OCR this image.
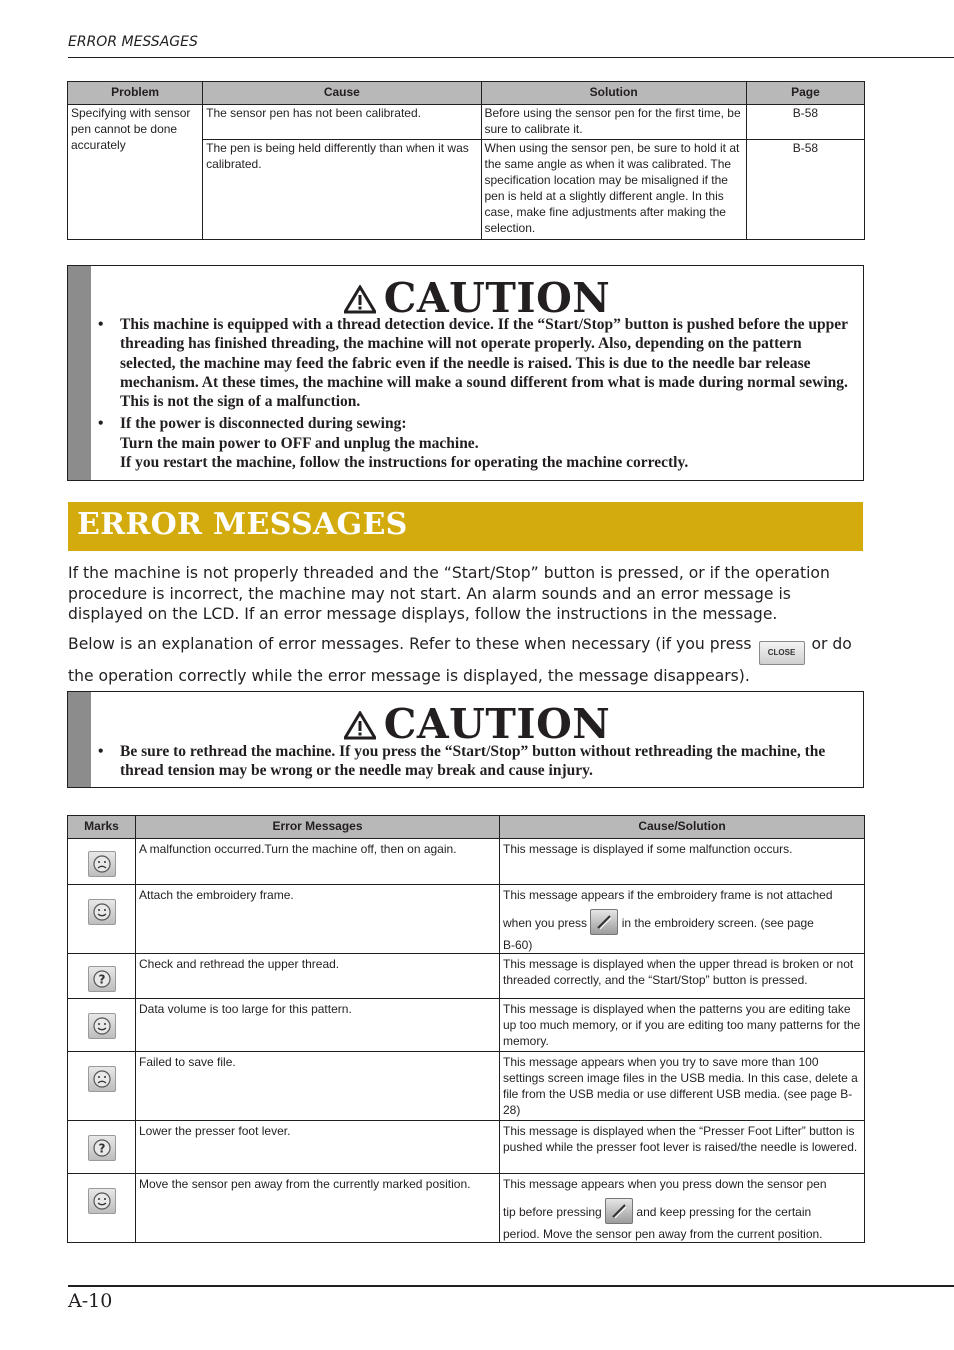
ERROR MESSAGES
Problem	Cause	Solution	Page
Specifying with sensor pen cannot be done accurately	The sensor pen has not been calibrated.	Before using the sensor pen for the first time, be sure to calibrate it.	B-58
	The pen is being held differently than when it was calibrated.	When using the sensor pen, be sure to hold it at the same angle as when it was calibrated. The specification location may be misaligned if the pen is held at a slightly different angle. In this case, make fine adjustments after making the selection.	B-58
CAUTION
• This machine is equipped with a thread detection device. If the “Start/Stop” button is pushed before the upper threading has finished threading, the machine will not operate properly. Also, depending on the pattern selected, the machine may feed the fabric even if the needle is raised. This is due to the needle bar release mechanism. At these times, the machine will make a sound different from what is made during normal sewing. This is not the sign of a malfunction.
• If the power is disconnected during sewing:
Turn the main power to OFF and unplug the machine.
If you restart the machine, follow the instructions for operating the machine correctly.
ERROR MESSAGES
If the machine is not properly threaded and the “Start/Stop” button is pressed, or if the operation procedure is incorrect, the machine may not start. An alarm sounds and an error message is displayed on the LCD. If an error message displays, follow the instructions in the message.
Below is an explanation of error messages. Refer to these when necessary (if you press CLOSE or do the operation correctly while the error message is displayed, the message disappears).
CAUTION
• Be sure to rethread the machine. If you press the “Start/Stop” button without rethreading the machine, the thread tension may be wrong or the needle may break and cause injury.
Marks	Error Messages	Cause/Solution

	A malfunction occurred.Turn the machine off, then on again.	This message is displayed if some malfunction occurs.

	Attach the embroidery frame.	This message appears if the embroidery frame is not attached
when you press in the embroidery screen. (see page
B-60)

?	Check and rethread the upper thread.	This message is displayed when the upper thread is broken or not threaded correctly, and the “Start/Stop” button is pressed.

	Data volume is too large for this pattern.	This message is displayed when the patterns you are editing take up too much memory, or if you are editing too many patterns for the memory.

	Failed to save file.	This message appears when you try to save more than 100 settings screen image files in the USB media. In this case, delete a file from the USB media or use different USB media. (see page B-28)

?	Lower the presser foot lever.	This message is displayed when the “Presser Foot Lifter” button is pushed while the presser foot lever is raised/the needle is lowered.

	Move the sensor pen away from the currently marked position.	This message appears when you press down the sensor pen
tip before pressing and keep pressing for the certain
period. Move the sensor pen away from the current position.
A-10
